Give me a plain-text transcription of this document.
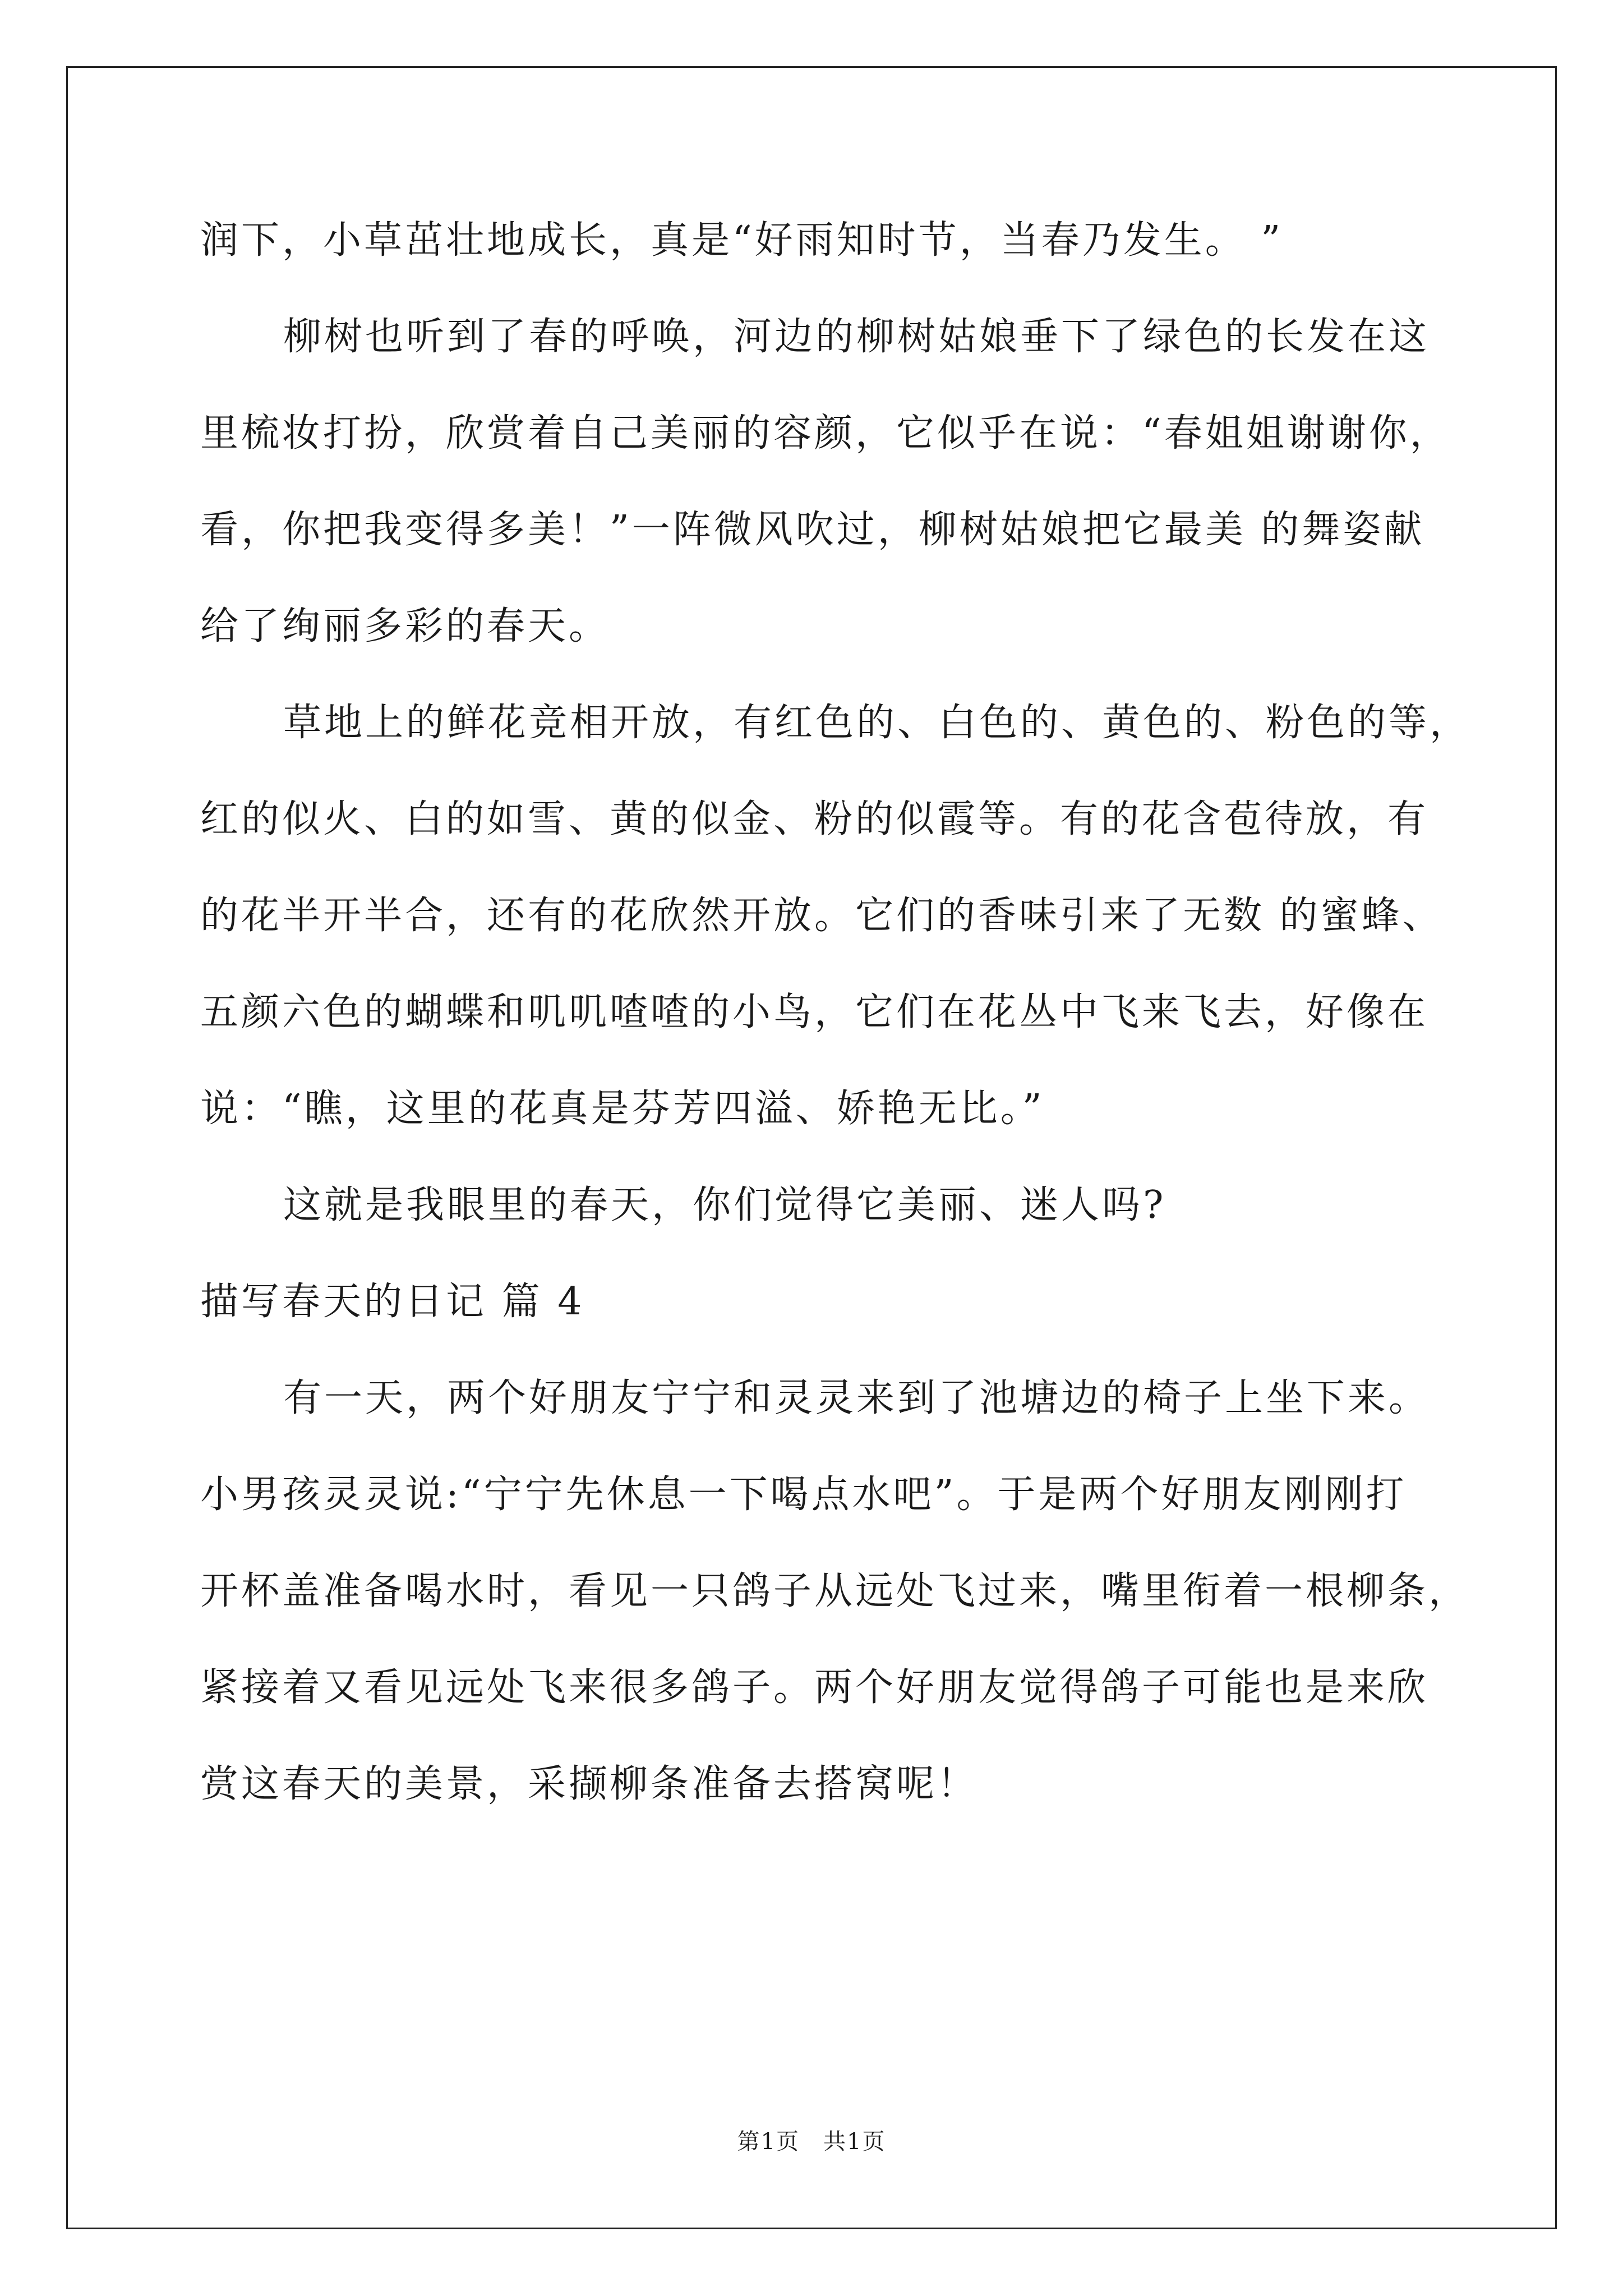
润下，小草茁壮地成长，真是“好雨知时节，当春乃发生。 ”
柳树也听到了春的呼唤，河边的柳树姑娘垂下了绿色的长发在这
里梳妆打扮，欣赏着自己美丽的容颜，它似乎在说：“春姐姐谢谢你，
看，你把我变得多美！”一阵微风吹过，柳树姑娘把它最美 的舞姿献
给了绚丽多彩的春天。
草地上的鲜花竞相开放，有红色的、白色的、黄色的、粉色的等，
红的似火、白的如雪、黄的似金、粉的似霞等。有的花含苞待放，有
的花半开半合，还有的花欣然开放。它们的香味引来了无数 的蜜蜂、
五颜六色的蝴蝶和叽叽喳喳的小鸟，它们在花丛中飞来飞去，好像在
说：“瞧，这里的花真是芬芳四溢、娇艳无比。”
这就是我眼里的春天，你们觉得它美丽、迷人吗?
描写春天的日记 篇 4
有一天，两个好朋友宁宁和灵灵来到了池塘边的椅子上坐下来。
小男孩灵灵说:“宁宁先休息一下喝点水吧”。于是两个好朋友刚刚打
开杯盖准备喝水时，看见一只鸽子从远处飞过来，嘴里衔着一根柳条，
紧接着又看见远处飞来很多鸽子。两个好朋友觉得鸽子可能也是来欣
赏这春天的美景，采撷柳条准备去搭窝呢！
第1页　共1页
